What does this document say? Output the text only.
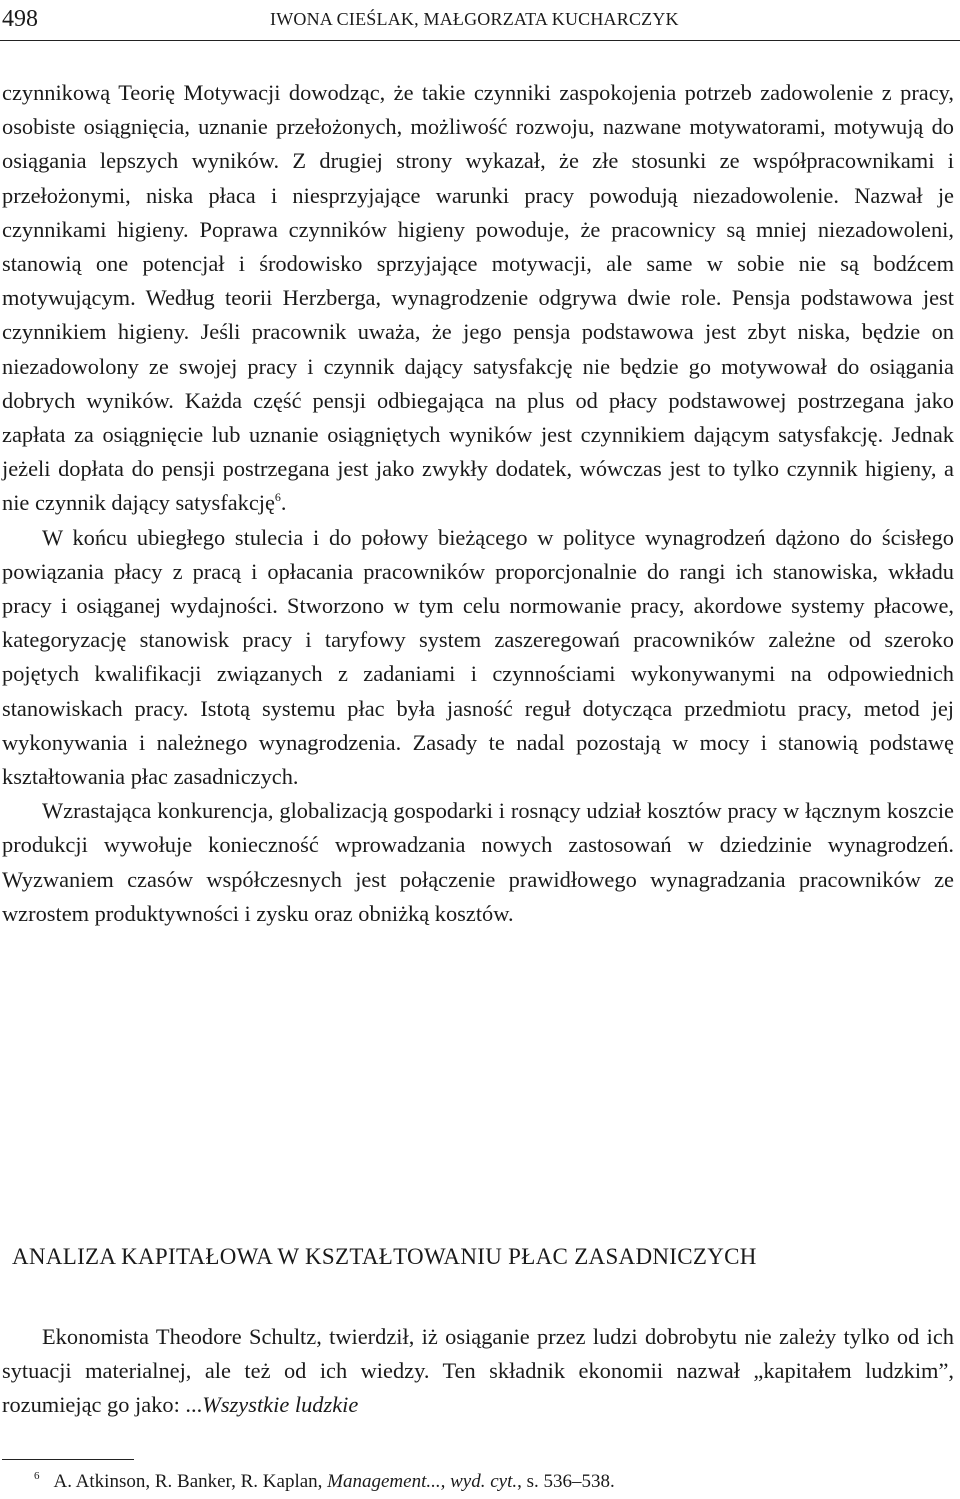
498	IWONA CIEŚLAK, MAŁGORZATA KUCHARCZYK

czynnikową Teorię Motywacji dowodząc, że takie czynniki zaspokojenia potrzeb zadowolenie z pracy, osobiste osiągnięcia, uznanie przełożonych, możliwość rozwoju, nazwane motywatorami, motywują do osiągania lepszych wyników. Z drugiej strony wykazał, że złe stosunki ze współpracownikami i przełożonymi, niska płaca i niesprzyjające warunki pracy powodują niezadowolenie. Nazwał je czynnikami higieny. Poprawa czynników higieny powoduje, że pracownicy są mniej niezadowoleni, stanowią one potencjał i środowisko sprzyjające motywacji, ale same w sobie nie są bodźcem motywującym. Według teorii Herzberga, wynagrodzenie odgrywa dwie role. Pensja podstawowa jest czynnikiem higieny. Jeśli pracownik uważa, że jego pensja podstawowa jest zbyt niska, będzie on niezadowolony ze swojej pracy i czynnik dający satysfakcję nie będzie go motywował do osiągania dobrych wyników. Każda część pensji odbiegająca na plus od płacy podstawowej postrzegana jako zapłata za osiągnięcie lub uznanie osiągniętych wyników jest czynnikiem dającym satysfakcję. Jednak jeżeli dopłata do pensji postrzegana jest jako zwykły dodatek, wówczas jest to tylko czynnik higieny, a nie czynnik dający satysfakcję$^6$.

W końcu ubiegłego stulecia i do połowy bieżącego w polityce wynagrodzeń dążono do ścisłego powiązania płacy z pracą i opłacania pracowników proporcjonalnie do rangi ich stanowiska, wkładu pracy i osiąganej wydajności. Stworzono w tym celu normowanie pracy, akordowe systemy płacowe, kategoryzację stanowisk pracy i taryfowy system zaszeregowań pracowników zależne od szeroko pojętych kwalifikacji związanych z zadaniami i czynnościami wykonywanymi na odpowiednich stanowiskach pracy. Istotą systemu płac była jasność reguł dotycząca przedmiotu pracy, metod jej wykonywania i należnego wynagrodzenia. Zasady te nadal pozostają w mocy i stanowią podstawę kształtowania płac zasadniczych.

Wzrastająca konkurencja, globalizacją gospodarki i rosnący udział kosztów pracy w łącznym koszcie produkcji wywołuje konieczność wprowadzania nowych zastosowań w dziedzinie wynagrodzeń. Wyzwaniem czasów współczesnych jest połączenie prawidłowego wynagradzania pracowników ze wzrostem produktywności i zysku oraz obniżką kosztów.

ANALIZA KAPITAŁOWA W KSZTAŁTOWANIU PŁAC ZASADNICZYCH

Ekonomista Theodore Schultz, twierdził, iż osiąganie przez ludzi dobrobytu nie zależy tylko od ich sytuacji materialnej, ale też od ich wiedzy. Ten składnik ekonomii nazwał „kapitałem ludzkim”, rozumiejąc go jako: ...Wszystkie ludzkie

$^6$ A. Atkinson, R. Banker, R. Kaplan, Management..., wyd. cyt., s. 536–538.
